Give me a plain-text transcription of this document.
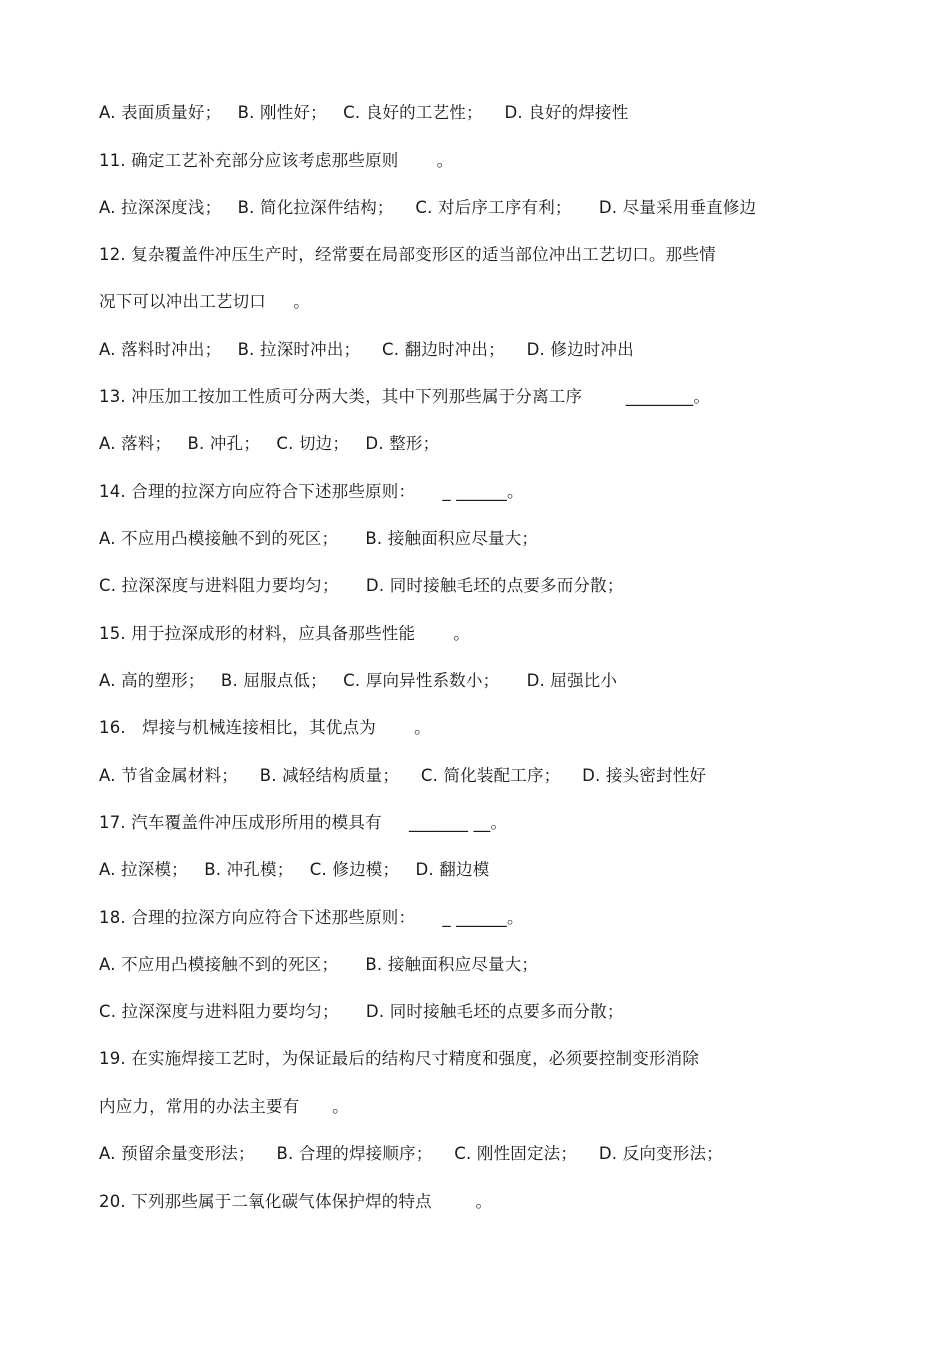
A. 表面质量好；   B. 刚性好；   C. 良好的工艺性；    D. 良好的焊接性
11. 确定工艺补充部分应该考虑那些原则       。
A. 拉深深度浅；   B. 简化拉深件结构；    C. 对后序工序有利；     D. 尽量采用垂直修边
12. 复杂覆盖件冲压生产时，经常要在局部变形区的适当部位冲出工艺切口。那些情
况下可以冲出工艺切口     。
A. 落料时冲出；   B. 拉深时冲出；    C. 翻边时冲出；    D. 修边时冲出
13. 冲压加工按加工性质可分两大类，其中下列那些属于分离工序        ________。
A. 落料；   B. 冲孔；   C. 切边；   D. 整形；
14. 合理的拉深方向应符合下述那些原则：     _ ______。
A. 不应用凸模接触不到的死区；     B. 接触面积应尽量大；
C. 拉深深度与进料阻力要均匀；     D. 同时接触毛坯的点要多而分散；
15. 用于拉深成形的材料，应具备那些性能       。
A. 高的塑形；   B. 屈服点低；   C. 厚向异性系数小；     D. 屈强比小
16.   焊接与机械连接相比，其优点为       。
A. 节省金属材料；    B. 减轻结构质量；    C. 简化装配工序；    D. 接头密封性好
17. 汽车覆盖件冲压成形所用的模具有     _______ __。
A. 拉深模；   B. 冲孔模；   C. 修边模；   D. 翻边模
18. 合理的拉深方向应符合下述那些原则：     _ ______。
A. 不应用凸模接触不到的死区；     B. 接触面积应尽量大；
C. 拉深深度与进料阻力要均匀；     D. 同时接触毛坯的点要多而分散；
19. 在实施焊接工艺时，为保证最后的结构尺寸精度和强度，必须要控制变形消除
内应力，常用的办法主要有      。
A. 预留余量变形法；    B. 合理的焊接顺序；    C. 刚性固定法；    D. 反向变形法；
20. 下列那些属于二氧化碳气体保护焊的特点        。
